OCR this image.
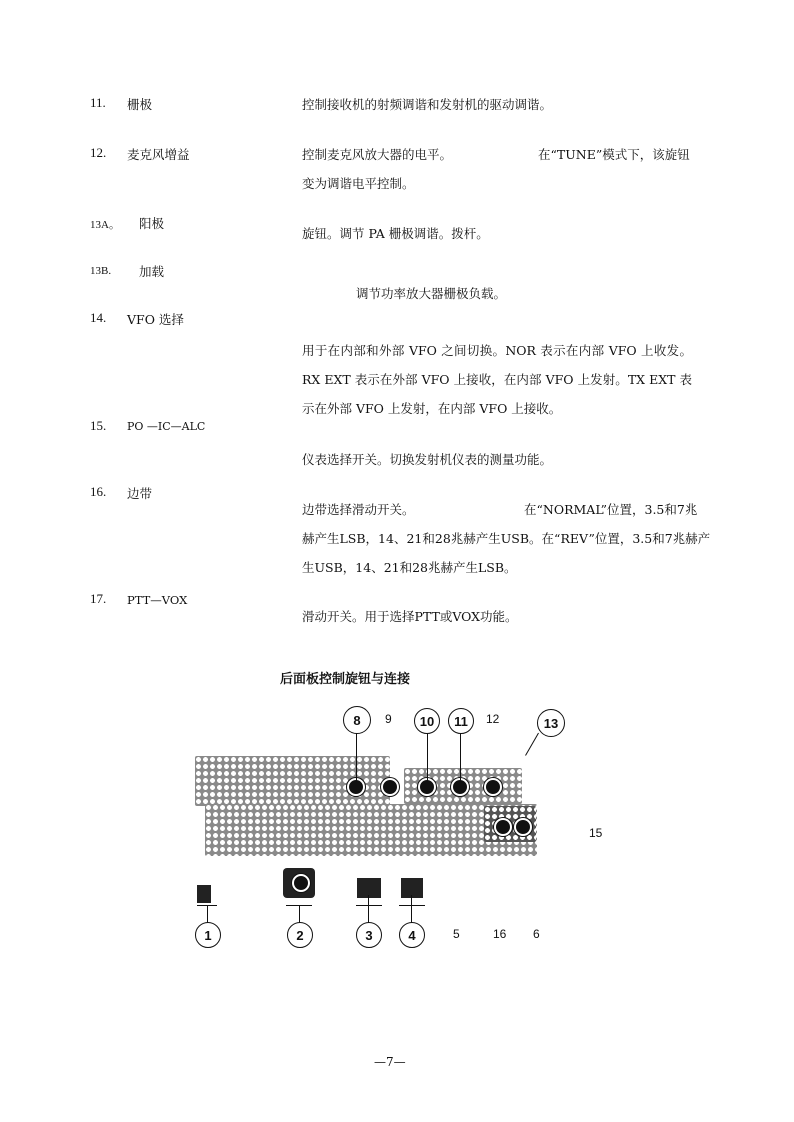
11. 栅极	控制接收机的射频调谐和发射机的驱动调谐。
12. 麦克风增益	控制麦克风放大器的电平。	在“TUNE”模式下，该旋钮
变为调谐电平控制。
13A。 阳极
旋钮。调节 PA 栅极调谐。拨杆。
13B. 加载
调节功率放大器栅极负载。
14. VFO 选择
用于在内部和外部 VFO 之间切换。NOR 表示在内部 VFO 上收发。RX EXT 表示在外部 VFO 上接收，在内部 VFO 上发射。TX EXT 表示在外部 VFO 上发射，在内部 VFO 上接收。
15. PO —IC—ALC
仪表选择开关。切换发射机仪表的测量功能。
16. 边带
边带选择滑动开关。	在“NORMAL”位置，3.5和7兆
赫产生LSB，14、21和28兆赫产生USB。在“REV”位置，3.5和7兆赫产
生USB，14、21和28兆赫产生LSB。
17. PTT—VOX
滑动开关。用于选择PTT或VOX功能。
后面板控制旋钮与连接
8	9	10	11	12	13
15
1	2	3	4	5	16 6
—7—
